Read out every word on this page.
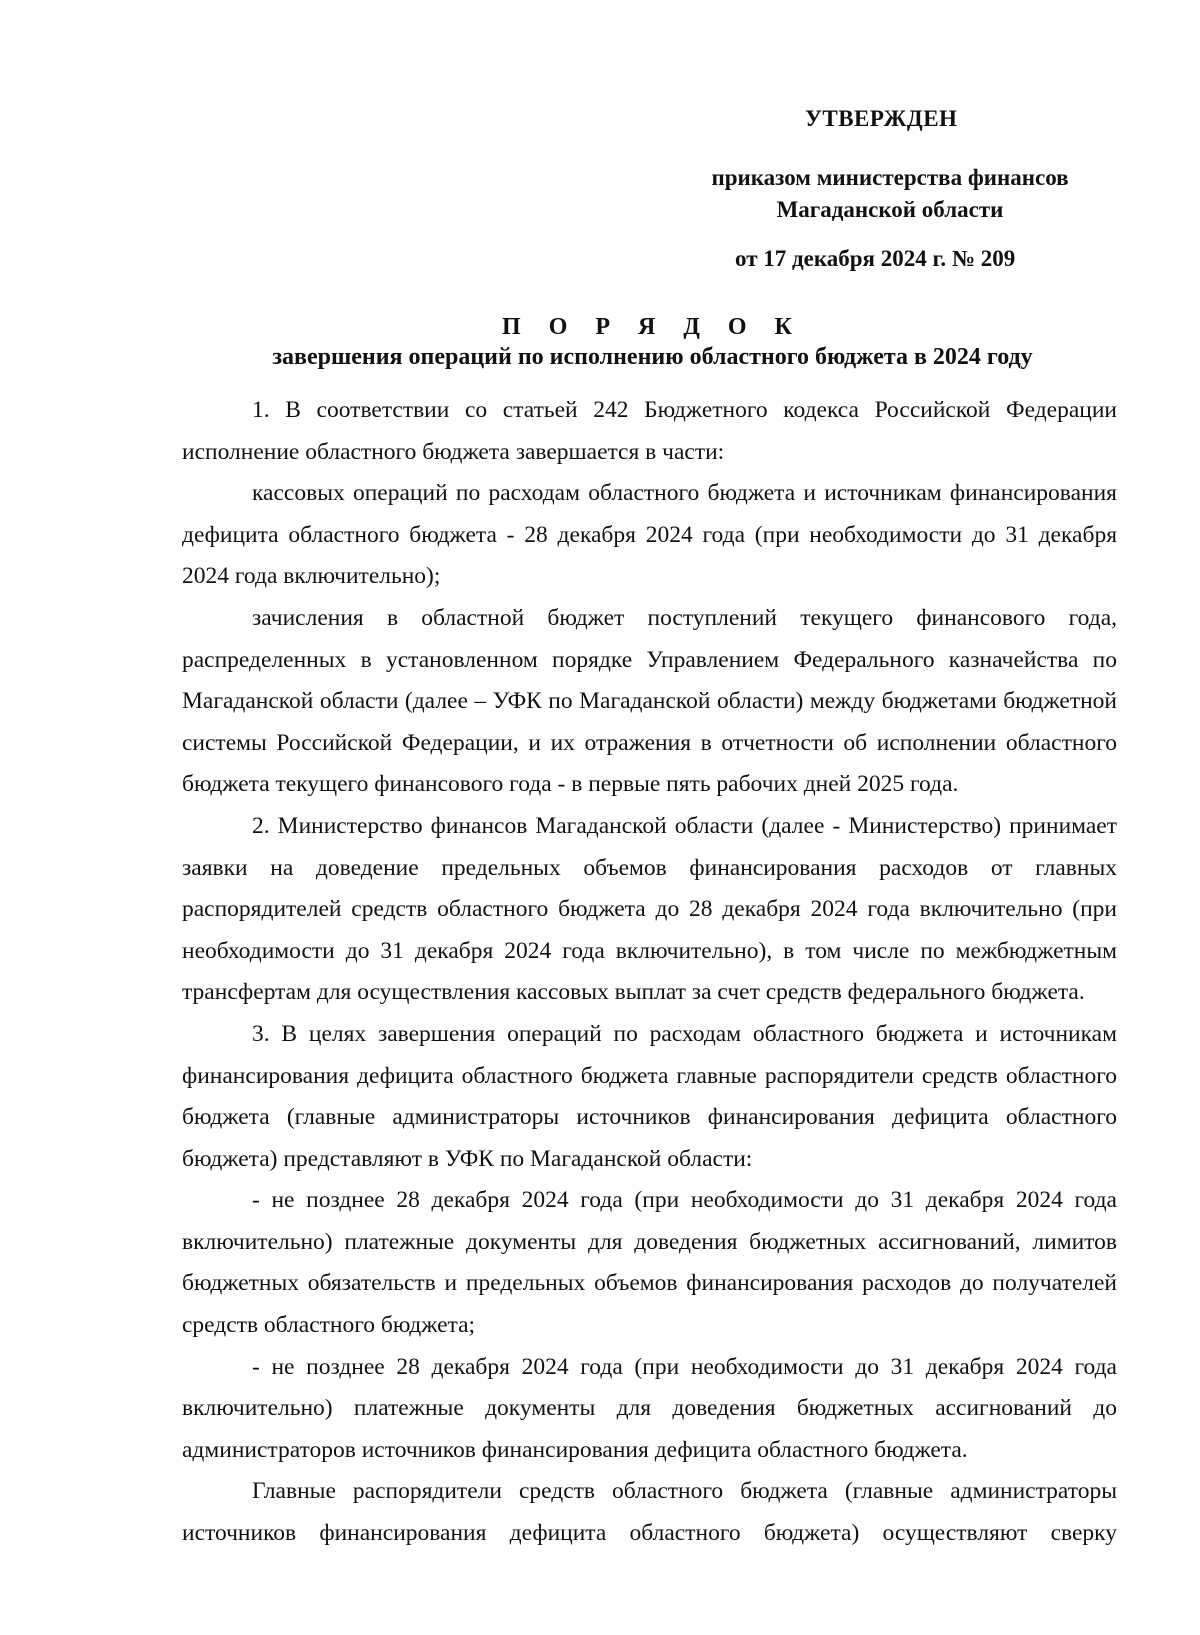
УТВЕРЖДЕН
приказом министерства финансов
Магаданской области
от 17 декабря 2024 г. № 209
П О Р Я Д О К
завершения операций по исполнению областного бюджета в 2024 году

1. В соответствии со статьей 242 Бюджетного кодекса Российской Федерации исполнение областного бюджета завершается в части:

кассовых операций по расходам областного бюджета и источникам финансирования дефицита областного бюджета - 28 декабря 2024 года (при необходимости до 31 декабря 2024 года включительно);

зачисления в областной бюджет поступлений текущего финансового года, распределенных в установленном порядке Управлением Федерального казначейства по Магаданской области (далее – УФК по Магаданской области) между бюджетами бюджетной системы Российской Федерации, и их отражения в отчетности об исполнении областного бюджета текущего финансового года - в первые пять рабочих дней 2025 года.

2. Министерство финансов Магаданской области (далее - Министерство) принимает заявки на доведение предельных объемов финансирования расходов от главных распорядителей средств областного бюджета до 28 декабря 2024 года включительно (при необходимости до 31 декабря 2024 года включительно), в том числе по межбюджетным трансфертам для осуществления кассовых выплат за счет средств федерального бюджета.

3. В целях завершения операций по расходам областного бюджета и источникам финансирования дефицита областного бюджета главные распорядители средств областного бюджета (главные администраторы источников финансирования дефицита областного бюджета) представляют в УФК по Магаданской области:

- не позднее 28 декабря 2024 года (при необходимости до 31 декабря 2024 года включительно) платежные документы для доведения бюджетных ассигнований, лимитов бюджетных обязательств и предельных объемов финансирования расходов до получателей средств областного бюджета;

- не позднее 28 декабря 2024 года (при необходимости до 31 декабря 2024 года включительно) платежные документы для доведения бюджетных ассигнований до администраторов источников финансирования дефицита областного бюджета.

Главные распорядители средств областного бюджета (главные администраторы источников финансирования дефицита областного бюджета) осуществляют сверку
